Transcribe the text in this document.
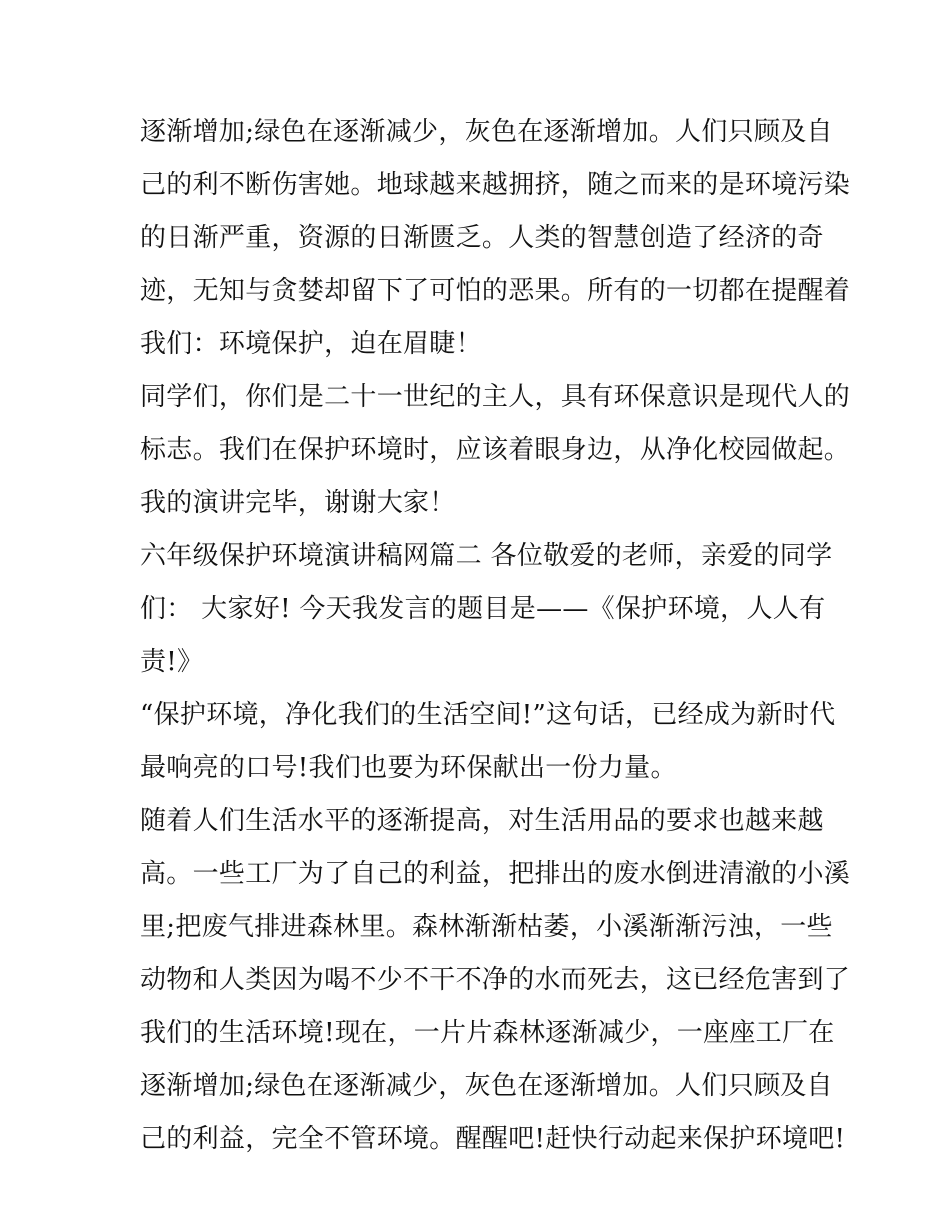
逐渐增加;绿色在逐渐减少，灰色在逐渐增加。人们只顾及自
己的利不断伤害她。地球越来越拥挤，随之而来的是环境污染
的日渐严重，资源的日渐匮乏。人类的智慧创造了经济的奇
迹，无知与贪婪却留下了可怕的恶果。所有的一切都在提醒着
我们：环境保护，迫在眉睫！
同学们，你们是二十一世纪的主人，具有环保意识是现代人的
标志。我们在保护环境时，应该着眼身边，从净化校园做起。
我的演讲完毕，谢谢大家！
六年级保护环境演讲稿网篇二 各位敬爱的老师，亲爱的同学
们： 大家好! 今天我发言的题目是——《保护环境，人人有
责!》
“保护环境，净化我们的生活空间!”这句话，已经成为新时代
最响亮的口号!我们也要为环保献出一份力量。
随着人们生活水平的逐渐提高，对生活用品的要求也越来越
高。一些工厂为了自己的利益，把排出的废水倒进清澈的小溪
里;把废气排进森林里。森林渐渐枯萎，小溪渐渐污浊，一些
动物和人类因为喝不少不干不净的水而死去，这已经危害到了
我们的生活环境!现在，一片片森林逐渐减少，一座座工厂在
逐渐增加;绿色在逐渐减少，灰色在逐渐增加。人们只顾及自
己的利益，完全不管环境。醒醒吧!赶快行动起来保护环境吧!
